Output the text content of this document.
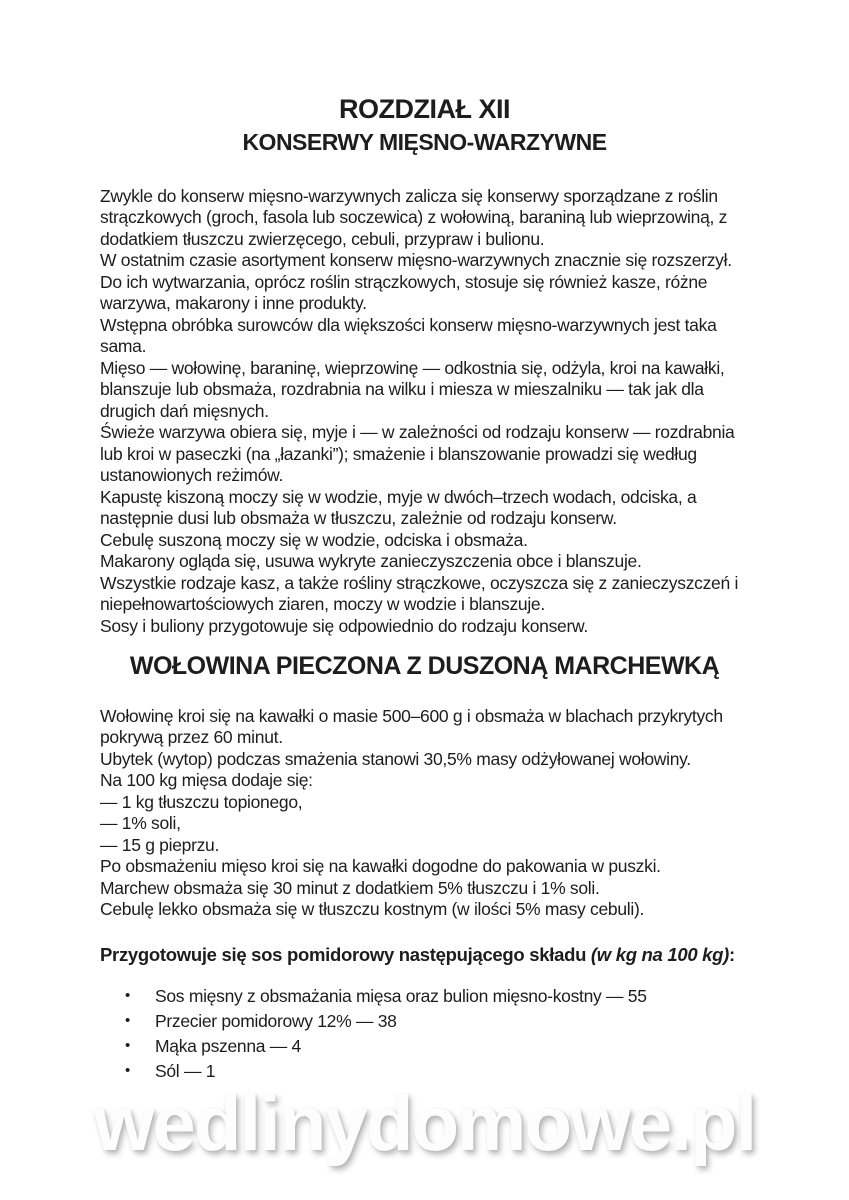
ROZDZIAŁ XII
KONSERWY MIĘSNO-WARZYWNE

Zwykle do konserw mięsno-warzywnych zalicza się konserwy sporządzane z roślin strączkowych (groch, fasola lub soczewica) z wołowiną, baraniną lub wieprzowiną, z dodatkiem tłuszczu zwierzęcego, cebuli, przypraw i bulionu.

W ostatnim czasie asortyment konserw mięsno-warzywnych znacznie się rozszerzył. Do ich wytwarzania, oprócz roślin strączkowych, stosuje się również kasze, różne warzywa, makarony i inne produkty.

Wstępna obróbka surowców dla większości konserw mięsno-warzywnych jest taka sama.

Mięso — wołowinę, baraninę, wieprzowinę — odkostnia się, odżyla, kroi na kawałki, blanszuje lub obsmaża, rozdrabnia na wilku i miesza w mieszalniku — tak jak dla drugich dań mięsnych.

Świeże warzywa obiera się, myje i — w zależności od rodzaju konserw — rozdrabnia lub kroi w paseczki (na „łazanki”); smażenie i blanszowanie prowadzi się według ustanowionych reżimów.

Kapustę kiszoną moczy się w wodzie, myje w dwóch–trzech wodach, odciska, a następnie dusi lub obsmaża w tłuszczu, zależnie od rodzaju konserw.

Cebulę suszoną moczy się w wodzie, odciska i obsmaża.

Makarony ogląda się, usuwa wykryte zanieczyszczenia obce i blanszuje.

Wszystkie rodzaje kasz, a także rośliny strączkowe, oczyszcza się z zanieczyszczeń i niepełnowartościowych ziaren, moczy w wodzie i blanszuje.

Sosy i buliony przygotowuje się odpowiednio do rodzaju konserw.

WOŁOWINA PIECZONA Z DUSZONĄ MARCHEWKĄ

Wołowinę kroi się na kawałki o masie 500–600 g i obsmaża w blachach przykrytych pokrywą przez 60 minut.

Ubytek (wytop) podczas smażenia stanowi 30,5% masy odżyłowanej wołowiny.

Na 100 kg mięsa dodaje się:

— 1 kg tłuszczu topionego,

— 1% soli,

— 15 g pieprzu.

Po obsmażeniu mięso kroi się na kawałki dogodne do pakowania w puszki.

Marchew obsmaża się 30 minut z dodatkiem 5% tłuszczu i 1% soli.

Cebulę lekko obsmaża się w tłuszczu kostnym (w ilości 5% masy cebuli).

Przygotowuje się sos pomidorowy następującego składu (w kg na 100 kg):
• Sos mięsny z obsmażania mięsa oraz bulion mięsno-kostny — 55
• Przecier pomidorowy 12% — 38
• Mąka pszenna — 4
• Sól — 1
wedlinydomowe.pl
